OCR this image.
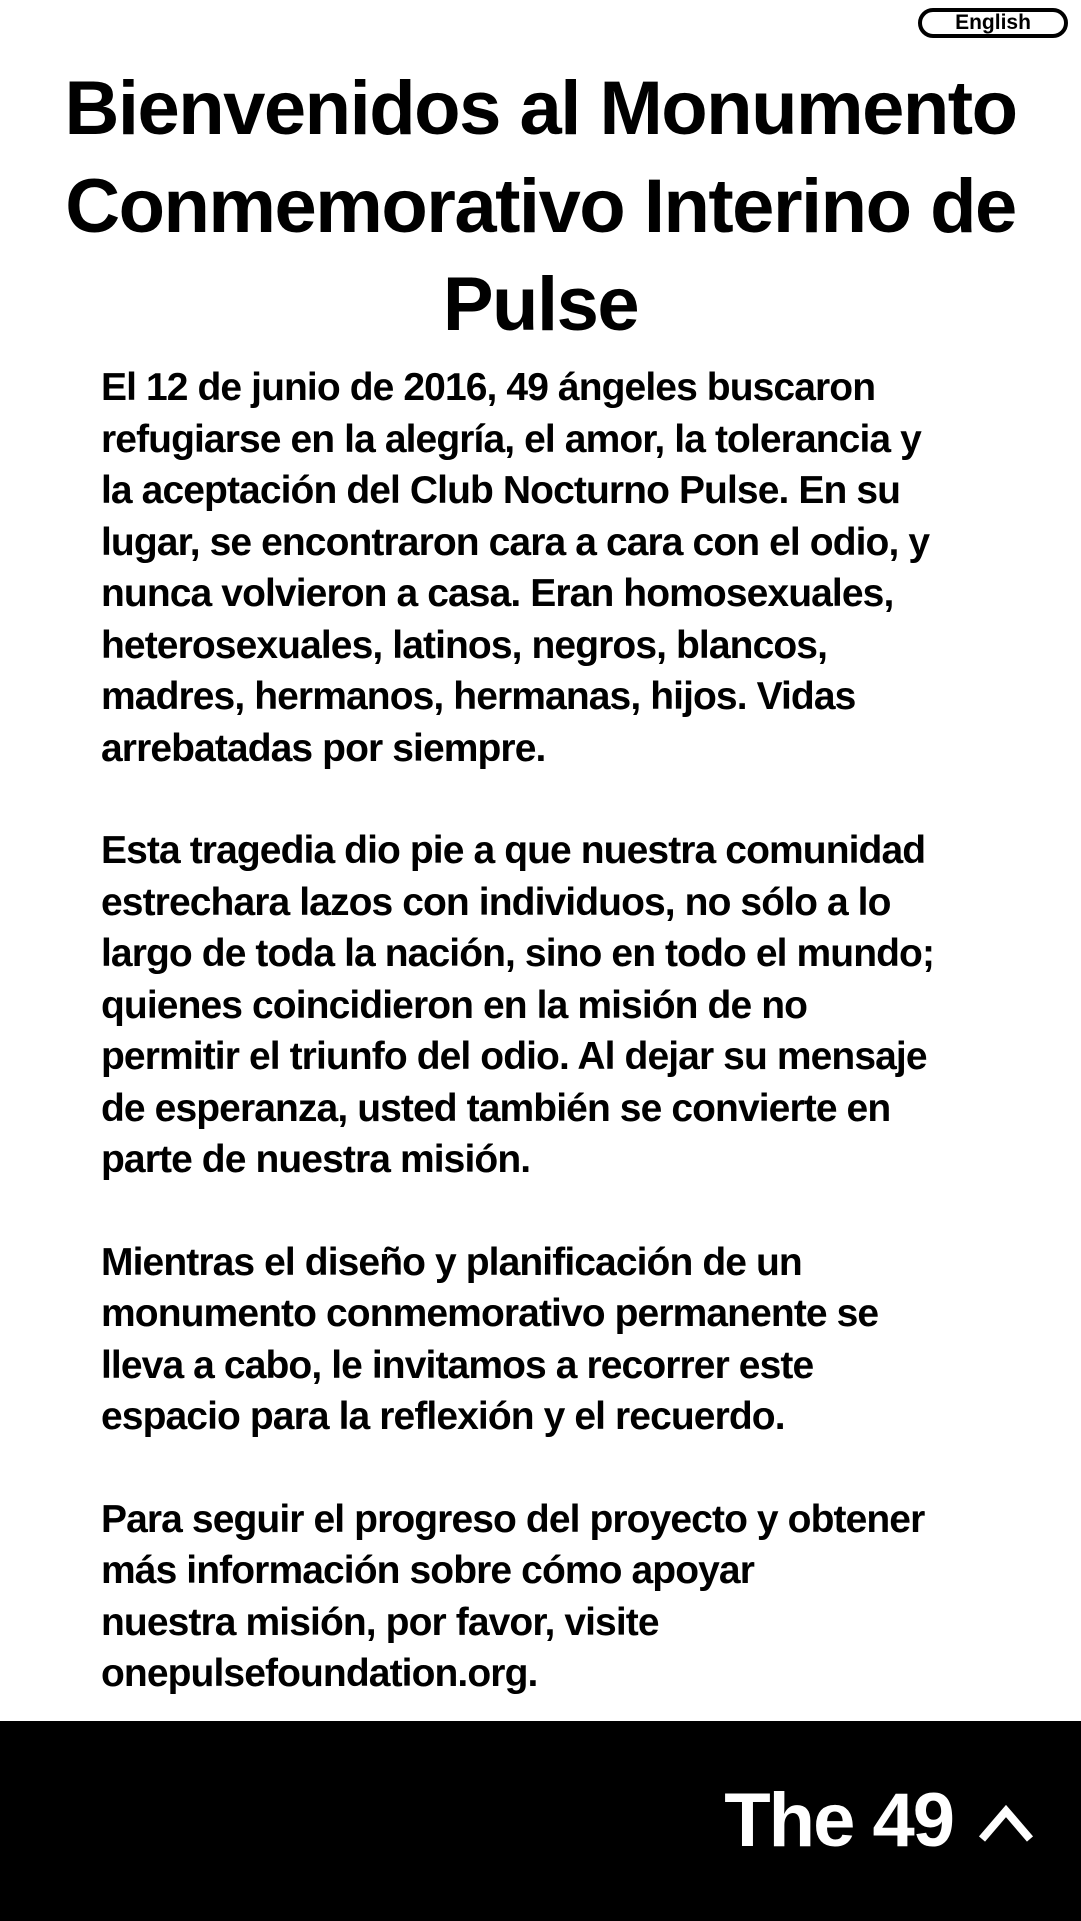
English
Bienvenidos al Monumento Conmemorativo Interino de Pulse

El 12 de junio de 2016, 49 ángeles buscaron
refugiarse en la alegría, el amor, la tolerancia y
la aceptación del Club Nocturno Pulse. En su
lugar, se encontraron cara a cara con el odio, y
nunca volvieron a casa. Eran homosexuales,
heterosexuales, latinos, negros, blancos,
madres, hermanos, hermanas, hijos. Vidas
arrebatadas por siempre.

Esta tragedia dio pie a que nuestra comunidad
estrechara lazos con individuos, no sólo a lo
largo de toda la nación, sino en todo el mundo;
quienes coincidieron en la misión de no
permitir el triunfo del odio. Al dejar su mensaje
de esperanza, usted también se convierte en
parte de nuestra misión.

Mientras el diseño y planificación de un
monumento conmemorativo permanente se
lleva a cabo, le invitamos a recorrer este
espacio para la reflexión y el recuerdo.

Para seguir el progreso del proyecto y obtener
más información sobre cómo apoyar
nuestra misión, por favor, visite
onepulsefoundation.org.

The 49
